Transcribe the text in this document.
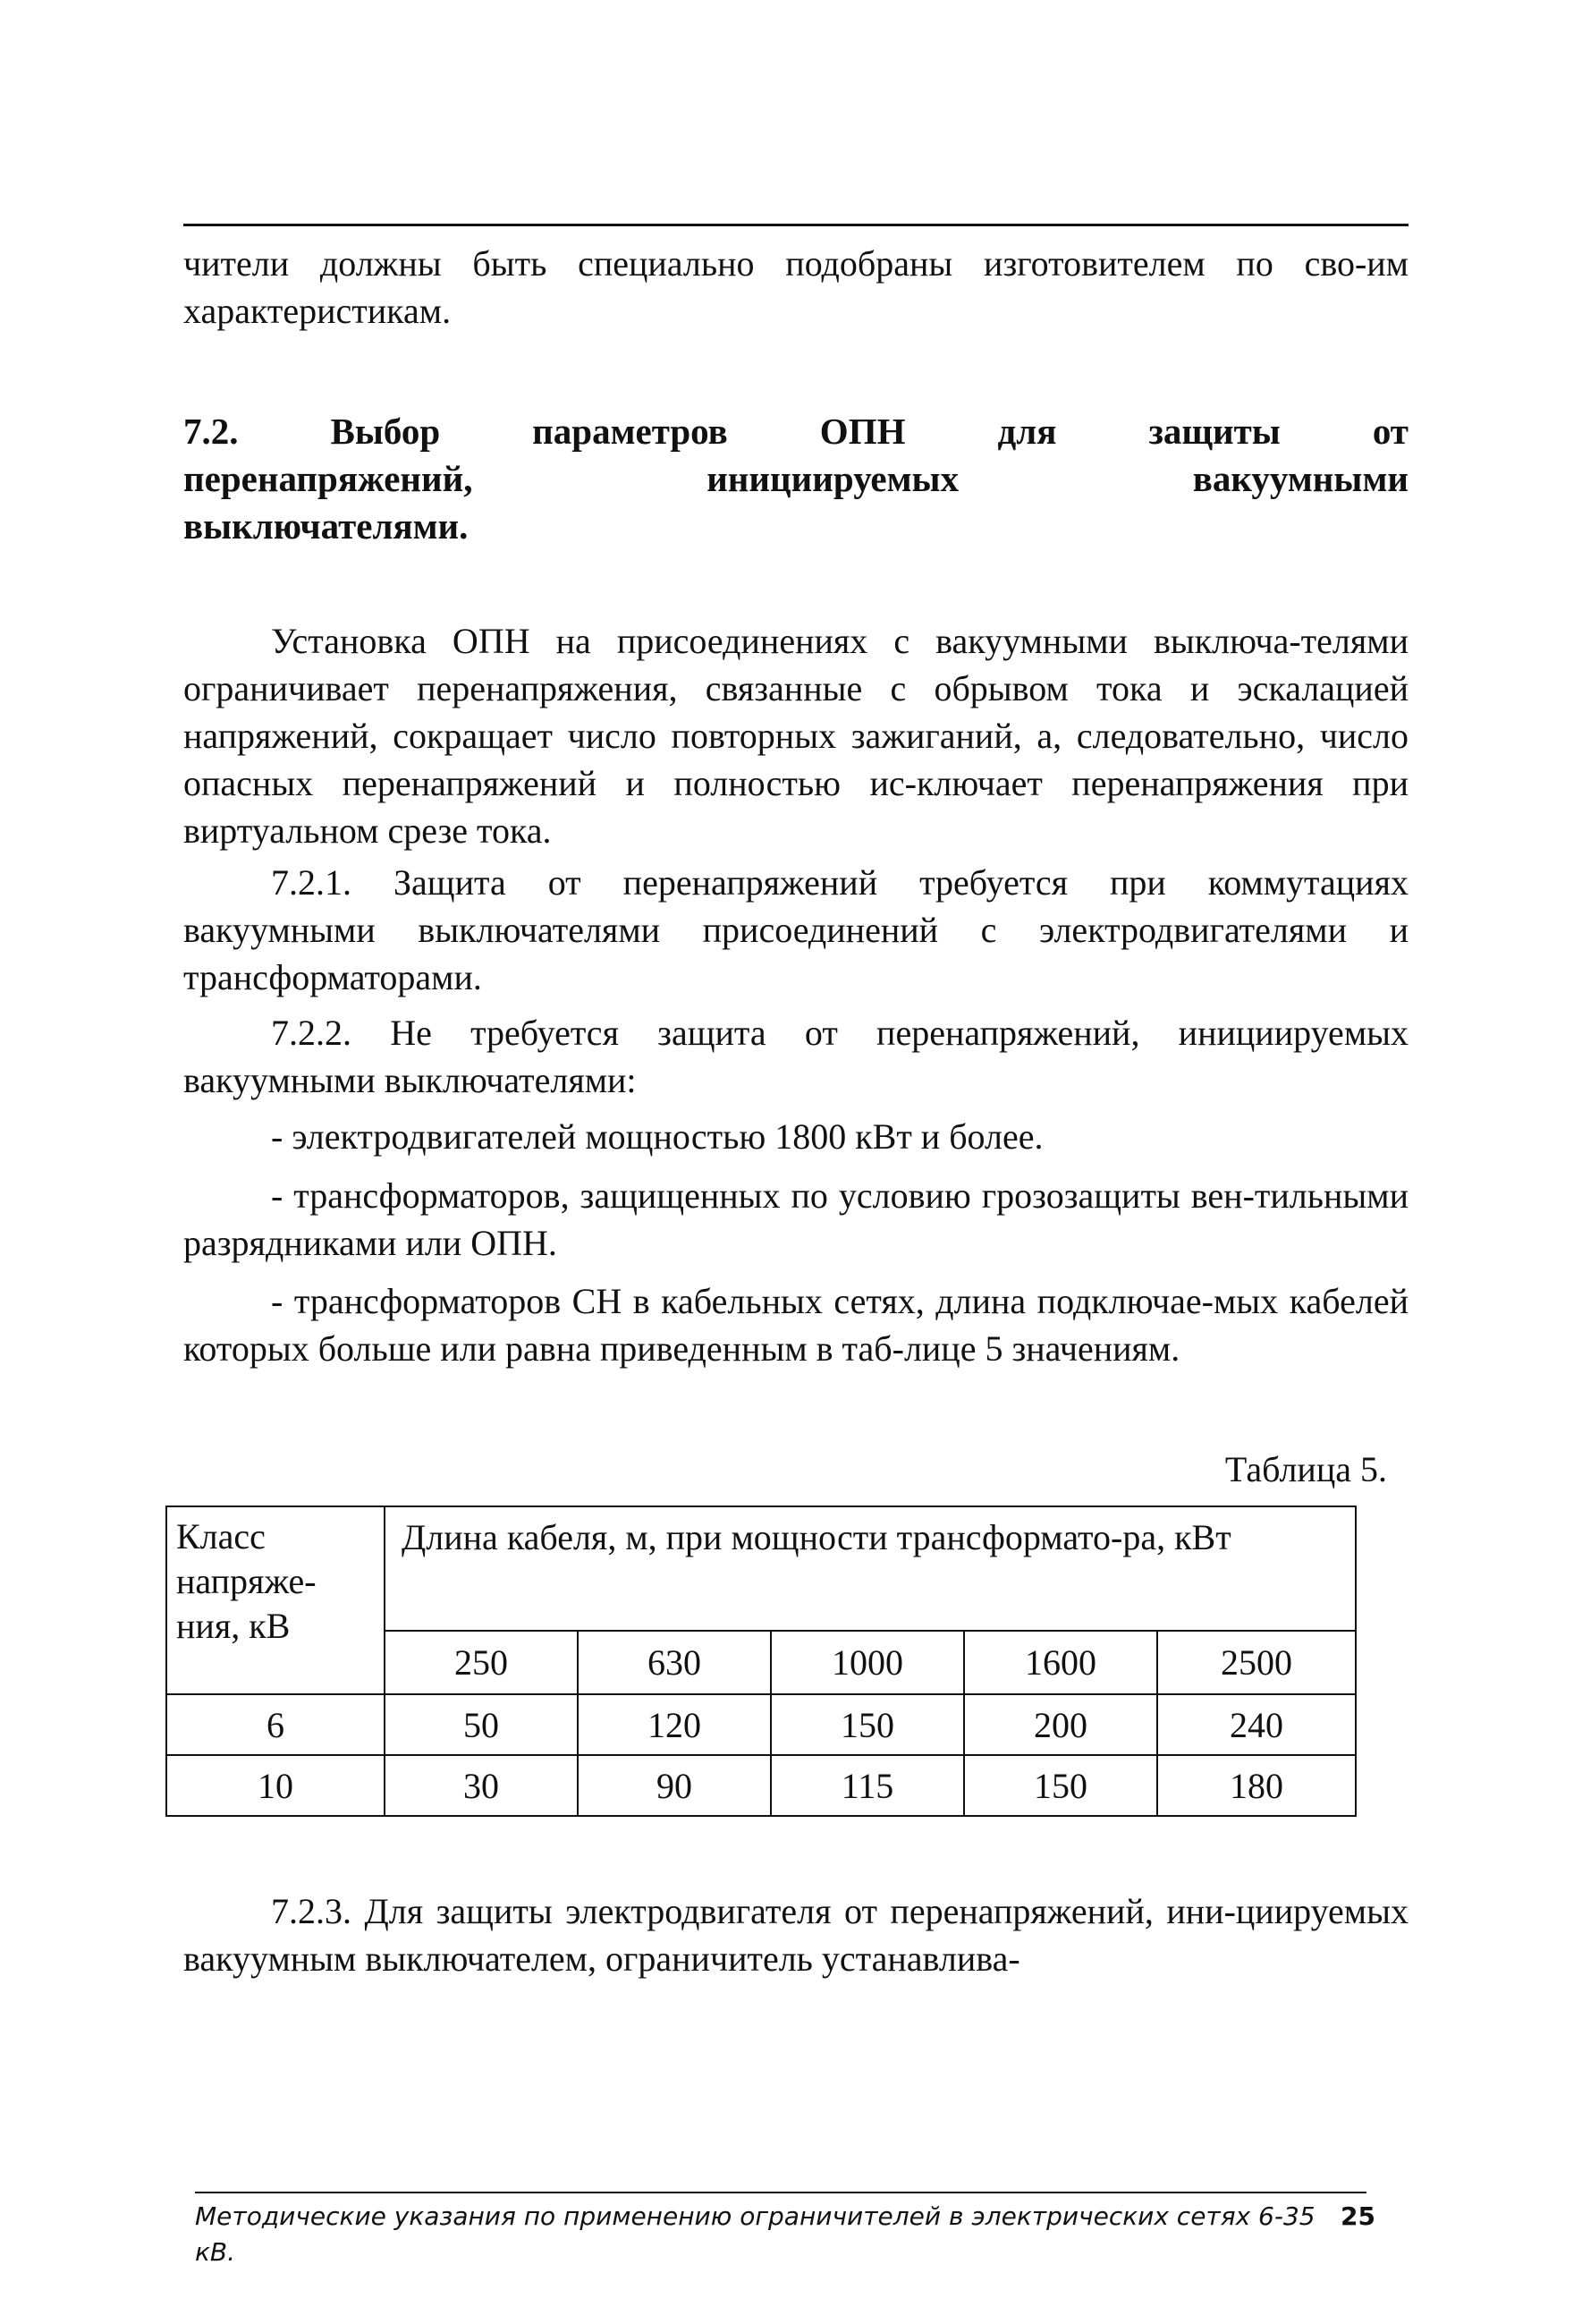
чители должны быть специально подобраны изготовителем по сво-им характеристикам.

7.2.	Выбор	параметров	ОПН	для	защиты	от
перенапряжений,	инициируемых	вакуумными
выключателями.

Установка ОПН на присоединениях с вакуумными выключа-телями ограничивает перенапряжения, связанные с обрывом тока и эскалацией напряжений, сокращает число повторных зажиганий, а, следовательно, число опасных перенапряжений и полностью ис-ключает перенапряжения при виртуальном срезе тока.

7.2.1. Защита от перенапряжений требуется при коммутациях вакуумными выключателями присоединений с электродвигателями и трансформаторами.

7.2.2. Не требуется защита от перенапряжений, инициируемых вакуумными выключателями:

- электродвигателей мощностью 1800 кВт и более.

- трансформаторов, защищенных по условию грозозащиты вен-тильными разрядниками или ОПН.

- трансформаторов СН в кабельных сетях, длина подключае-мых кабелей которых больше или равна приведенным в таб-лице 5 значениям.

Таблица 5.
Класс напряже-ния, кВ	Длина кабеля, м, при мощности трансформато-ра, кВт				
	250	630	1000	1600	2500
6	50	120	150	200	240
10	30	90	115	150	180

7.2.3. Для защиты электродвигателя от перенапряжений, ини-циируемых вакуумным выключателем, ограничитель устанавлива-

Методические указания по применению ограничителей в электрических сетях 6-35 кВ.
25
